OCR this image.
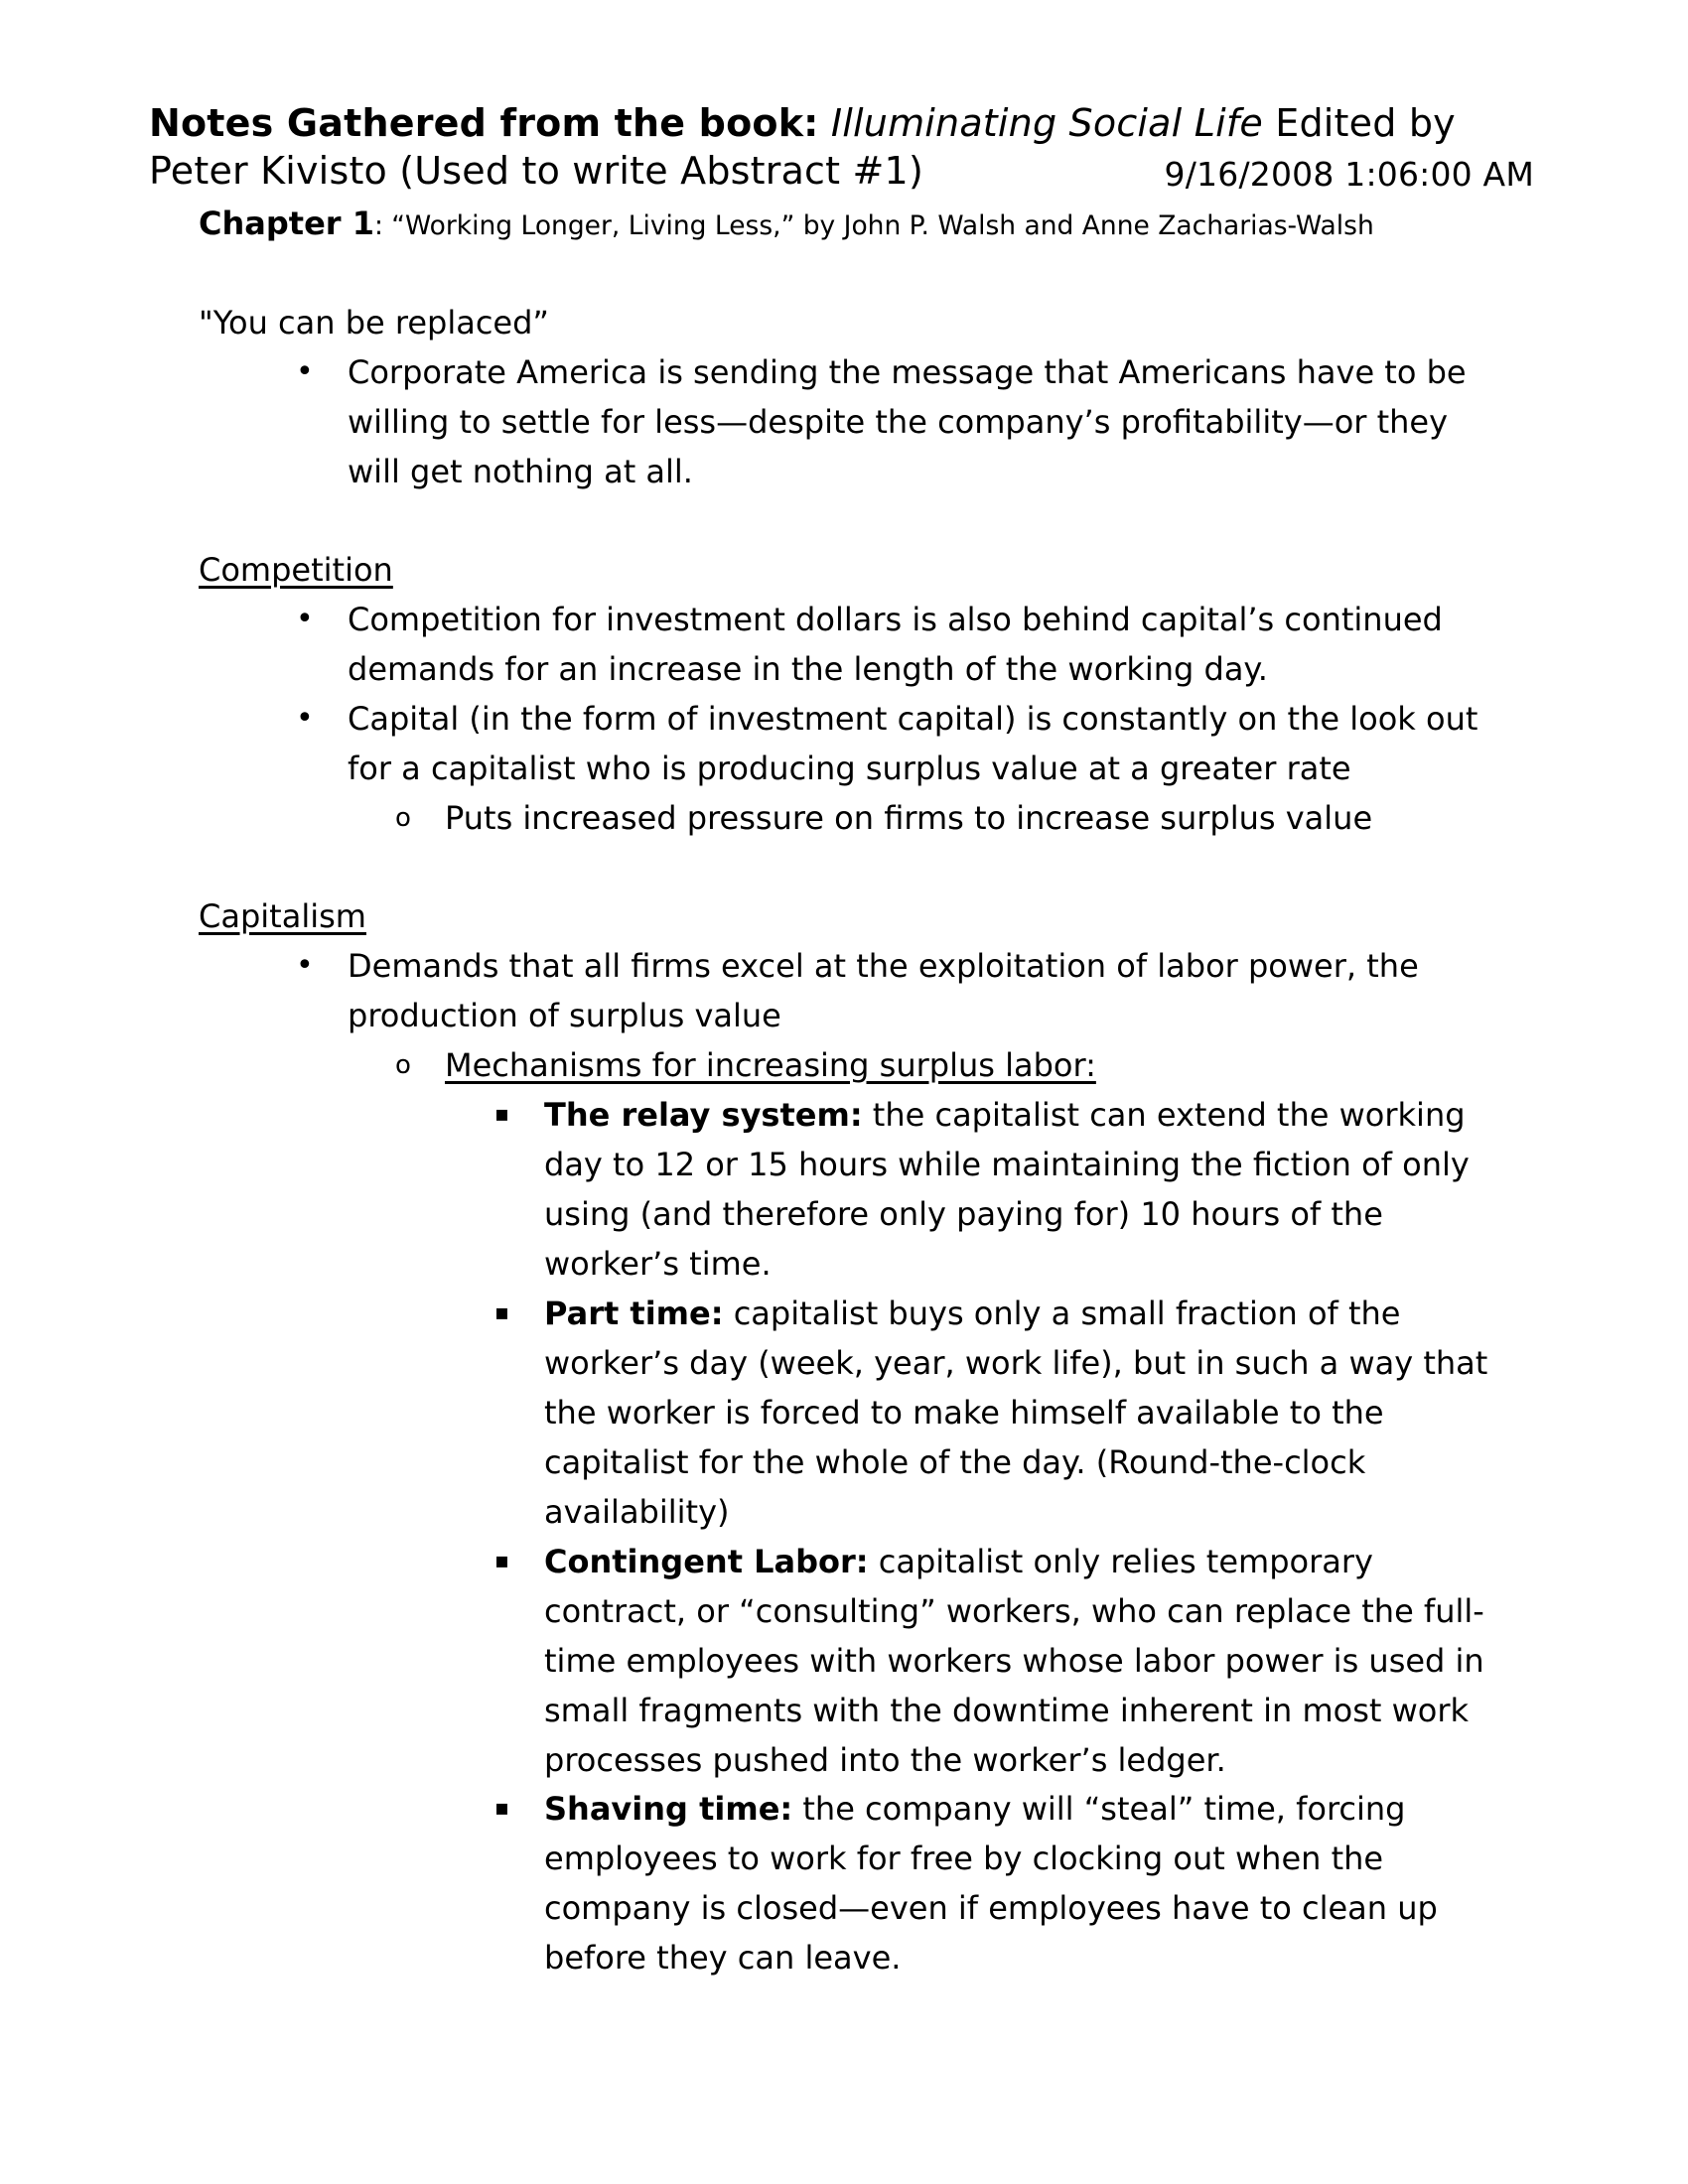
Notes Gathered from the book: Illuminating Social Life Edited by
Peter Kivisto (Used to write Abstract #1)	9/16/2008 1:06:00 AM
Chapter 1: “Working Longer, Living Less,” by John P. Walsh and Anne Zacharias-Walsh
"You can be replaced”
• Corporate America is sending the message that Americans have to be willing to settle for less—despite the company’s profitability—or they will get nothing at all.
Competition
• Competition for investment dollars is also behind capital’s continued demands for an increase in the length of the working day.
• Capital (in the form of investment capital) is constantly on the look out for a capitalist who is producing surplus value at a greater rate
o Puts increased pressure on firms to increase surplus value
Capitalism
• Demands that all firms excel at the exploitation of labor power, the production of surplus value
o Mechanisms for increasing surplus labor:
▪ The relay system: the capitalist can extend the working day to 12 or 15 hours while maintaining the fiction of only using (and therefore only paying for) 10 hours of the worker’s time.
▪ Part time: capitalist buys only a small fraction of the worker’s day (week, year, work life), but in such a way that the worker is forced to make himself available to the capitalist for the whole of the day. (Round-the-clock availability)
▪ Contingent Labor: capitalist only relies temporary contract, or “consulting” workers, who can replace the full-time employees with workers whose labor power is used in small fragments with the downtime inherent in most work processes pushed into the worker’s ledger.
▪ Shaving time: the company will “steal” time, forcing employees to work for free by clocking out when the company is closed—even if employees have to clean up before they can leave.
